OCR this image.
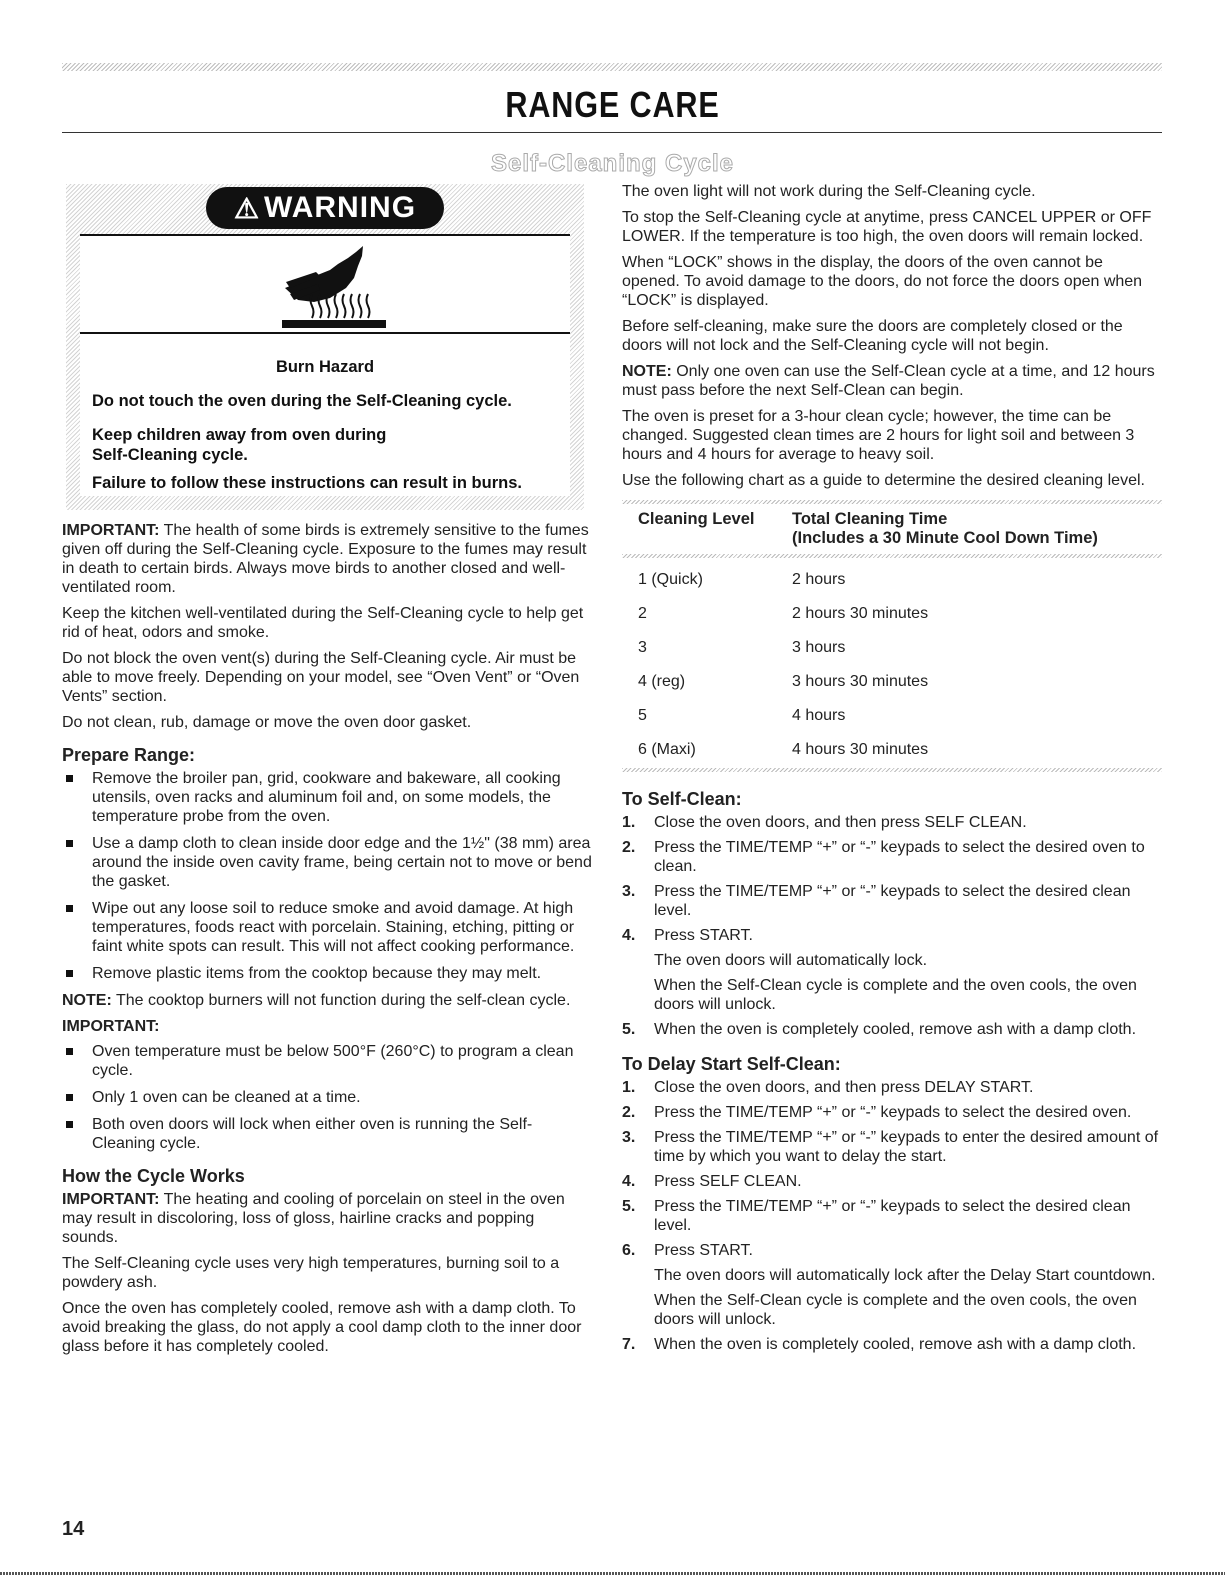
RANGE CARE
Self-Cleaning Cycle
⚠ WARNING

Burn Hazard

Do not touch the oven during the Self-Cleaning cycle.

Keep children away from oven during

Self-Cleaning cycle.

Failure to follow these instructions can result in burns.

IMPORTANT: The health of some birds is extremely sensitive to the fumes given off during the Self-Cleaning cycle. Exposure to the fumes may result in death to certain birds. Always move birds to another closed and well-ventilated room.

Keep the kitchen well-ventilated during the Self-Cleaning cycle to help get rid of heat, odors and smoke.

Do not block the oven vent(s) during the Self-Cleaning cycle. Air must be able to move freely. Depending on your model, see “Oven Vent” or “Oven Vents” section.

Do not clean, rub, damage or move the oven door gasket.

Prepare Range:
Remove the broiler pan, grid, cookware and bakeware, all cooking utensils, oven racks and aluminum foil and, on some models, the temperature probe from the oven.
Use a damp cloth to clean inside door edge and the 1½" (38 mm) area around the inside oven cavity frame, being certain not to move or bend the gasket.
Wipe out any loose soil to reduce smoke and avoid damage. At high temperatures, foods react with porcelain. Staining, etching, pitting or faint white spots can result. This will not affect cooking performance.
Remove plastic items from the cooktop because they may melt.

NOTE: The cooktop burners will not function during the self-clean cycle.

IMPORTANT:

Oven temperature must be below 500°F (260°C) to program a clean cycle.
Only 1 oven can be cleaned at a time.
Both oven doors will lock when either oven is running the Self-Cleaning cycle.
How the Cycle Works

IMPORTANT: The heating and cooling of porcelain on steel in the oven may result in discoloring, loss of gloss, hairline cracks and popping sounds.

The Self-Cleaning cycle uses very high temperatures, burning soil to a powdery ash.

Once the oven has completely cooled, remove ash with a damp cloth. To avoid breaking the glass, do not apply a cool damp cloth to the inner door glass before it has completely cooled.

The oven light will not work during the Self-Cleaning cycle.

To stop the Self-Cleaning cycle at anytime, press CANCEL UPPER or OFF LOWER. If the temperature is too high, the oven doors will remain locked.

When “LOCK” shows in the display, the doors of the oven cannot be opened. To avoid damage to the doors, do not force the doors open when “LOCK” is displayed.

Before self-cleaning, make sure the doors are completely closed or the doors will not lock and the Self-Cleaning cycle will not begin.

NOTE: Only one oven can use the Self-Clean cycle at a time, and 12 hours must pass before the next Self-Clean can begin.

The oven is preset for a 3-hour clean cycle; however, the time can be changed. Suggested clean times are 2 hours for light soil and between 3 hours and 4 hours for average to heavy soil.

Use the following chart as a guide to determine the desired cleaning level.

Cleaning Level	Total Cleaning Time
(Includes a 30 Minute Cool Down Time)
1 (Quick)	2 hours
2	2 hours 30 minutes
3	3 hours
4 (reg)	3 hours 30 minutes
5	4 hours
6 (Maxi)	4 hours 30 minutes
To Self-Clean:
1. Close the oven doors, and then press SELF CLEAN.
2. Press the TIME/TEMP “+” or “-” keypads to select the desired oven to clean.
3. Press the TIME/TEMP “+” or “-” keypads to select the desired clean level.
4. Press START.
The oven doors will automatically lock.
When the Self-Clean cycle is complete and the oven cools, the oven doors will unlock.
5. When the oven is completely cooled, remove ash with a damp cloth.
To Delay Start Self-Clean:
1. Close the oven doors, and then press DELAY START.
2. Press the TIME/TEMP “+” or “-” keypads to select the desired oven.
3. Press the TIME/TEMP “+” or “-” keypads to enter the desired amount of time by which you want to delay the start.
4. Press SELF CLEAN.
5. Press the TIME/TEMP “+” or “-” keypads to select the desired clean level.
6. Press START.
The oven doors will automatically lock after the Delay Start countdown.
When the Self-Clean cycle is complete and the oven cools, the oven doors will unlock.
7. When the oven is completely cooled, remove ash with a damp cloth.
14
